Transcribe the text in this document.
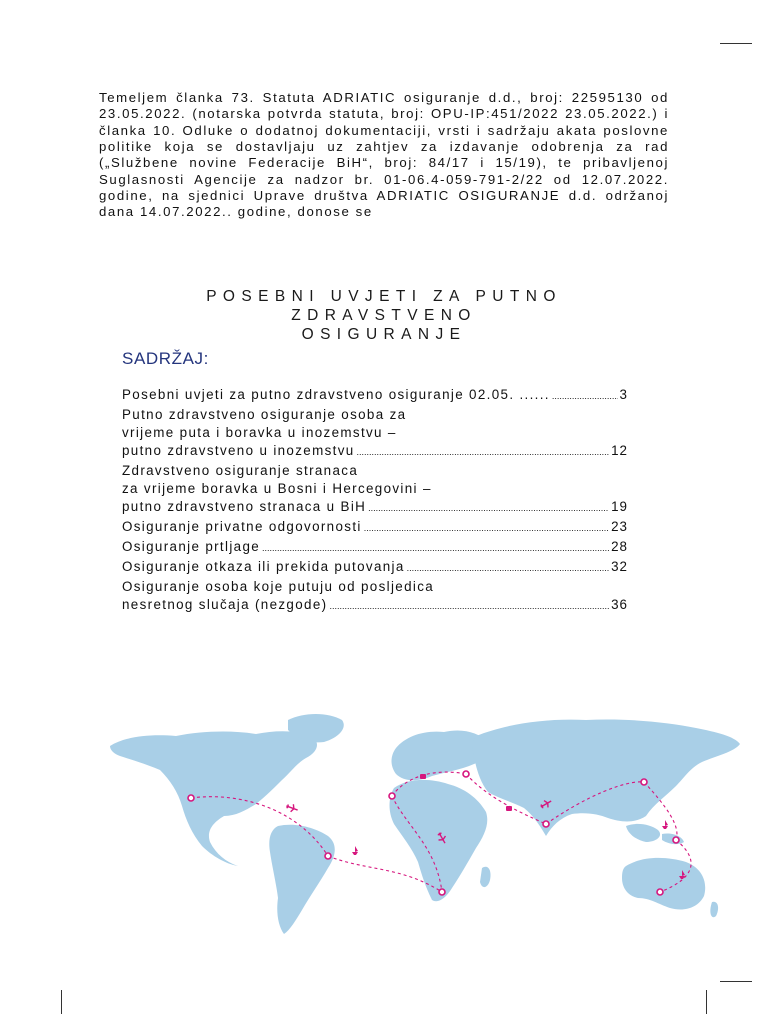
Temeljem članka 73. Statuta ADRIATIC osiguranje d.d., broj: 22595130 od 23.05.2022. (notarska potvrda statuta, broj: OPU-IP:451/2022 23.05.2022.) i članka 10. Odluke o dodatnoj dokumentaciji, vrsti i sadržaju akata poslovne politike koja se dostavljaju uz zahtjev za izdavanje odobrenja za rad („Službene novine Federacije BiH“, broj: 84/17 i 15/19), te pribavljenoj Suglasnosti Agencije za nadzor br. 01-06.4-059-791-2/22 od 12.07.2022. godine, na sjednici Uprave društva ADRIATIC OSIGURANJE d.d. održanoj dana 14.07.2022.. godine, donose se

POSEBNI UVJETI ZA PUTNO ZDRAVSTVENO
OSIGURANJE
SADRŽAJ:
Posebni uvjeti za putno zdravstveno osiguranje 02.05. ...... .....	3
Putno zdravstveno osiguranje osoba za
vrijeme puta i boravka u inozemstvu –
putno zdravstveno u inozemstvu .....	12
Zdravstveno osiguranje stranaca
za vrijeme boravka u Bosni i Hercegovini –
putno zdravstveno stranaca u BiH .....	19
Osiguranje privatne odgovornosti .....	23
Osiguranje prtljage .....	28
Osiguranje otkaza ili prekida putovanja .....	32
Osiguranje osoba koje putuju od posljedica
nesretnog slučaja (nezgode) .....	36
